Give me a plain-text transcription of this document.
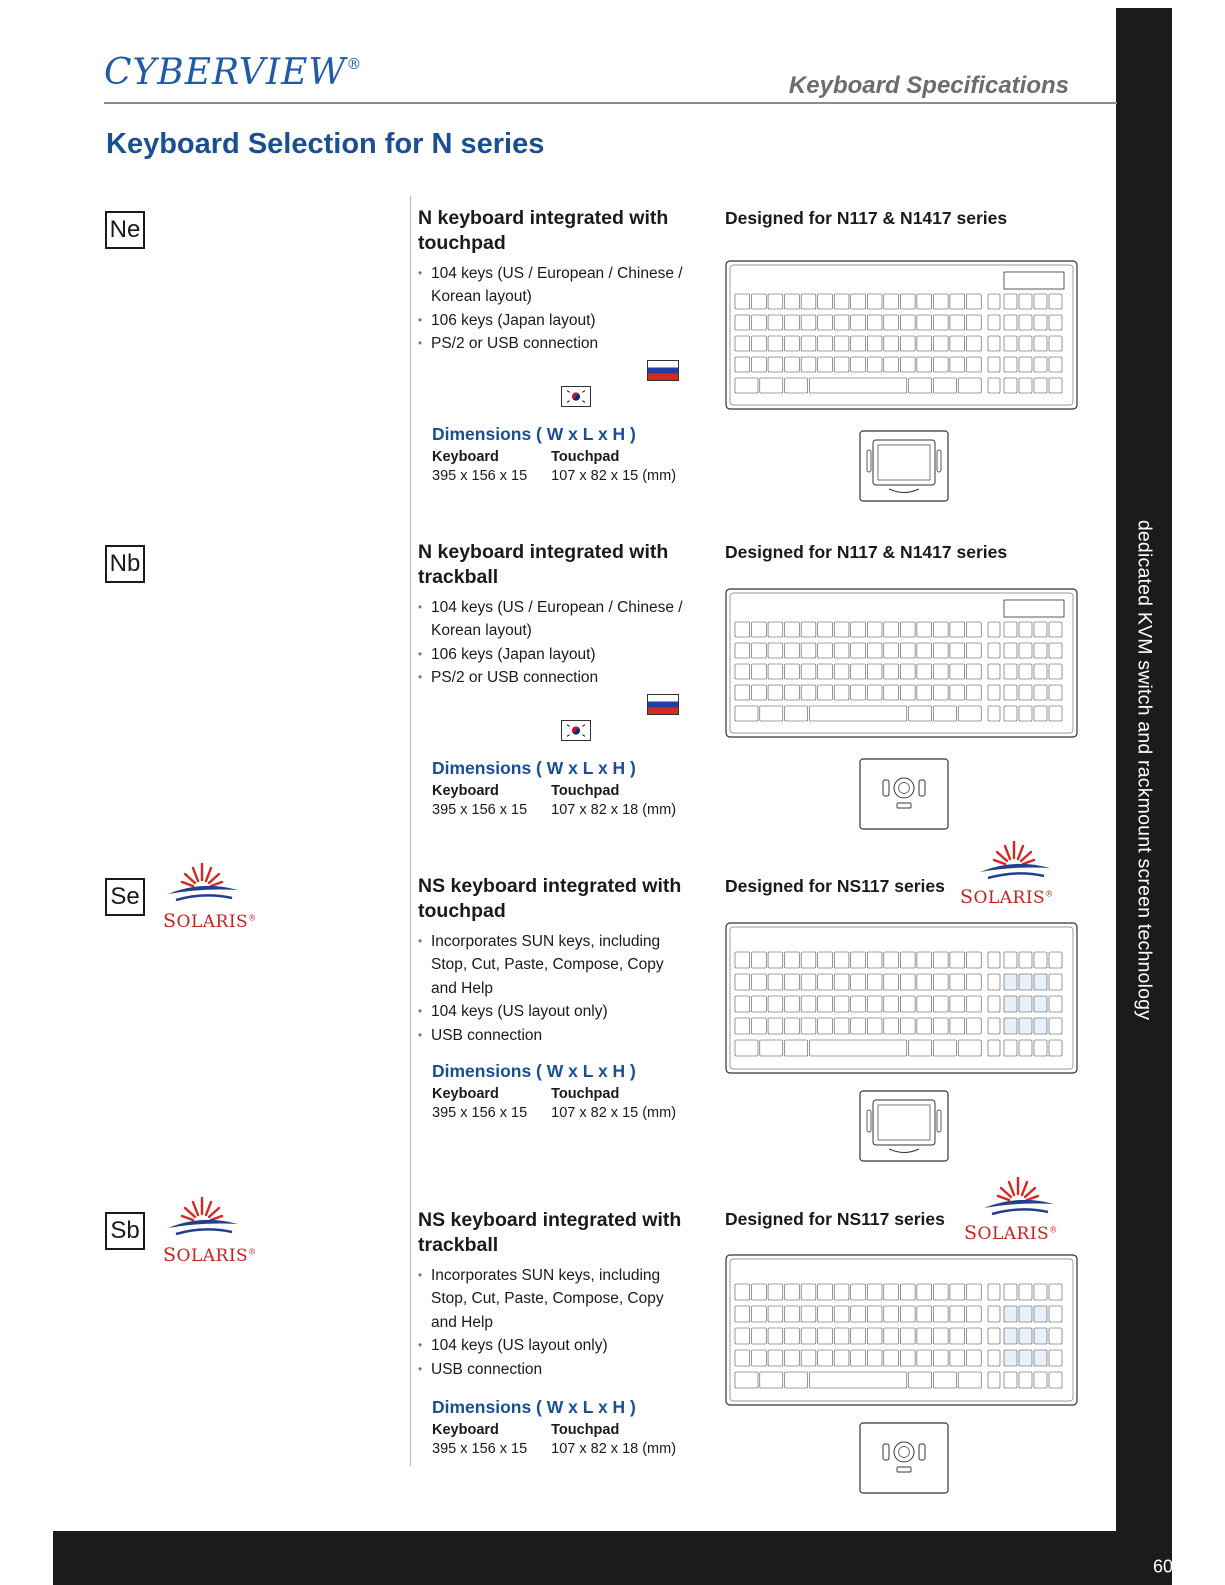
dedicated KVM switch and rackmount screen technology
60
CYBERVIEW®
Keyboard Specifications
Keyboard Selection for N series
Ne	N keyboard integrated with
touchpad

• 104 keys (US / European / Chinese /
Korean layout)
• 106 keys (Japan layout)
• PS/2 or USB connection
Dimensions ( W x L x H )
Keyboard	Touchpad
395 x 156 x 15	107 x 82 x 15 (mm)
Designed for N117 & N1417 series
Nb	N keyboard integrated with
trackball

• 104 keys (US / European / Chinese /
Korean layout)
• 106 keys (Japan layout)
• PS/2 or USB connection
Dimensions ( W x L x H )
Keyboard	Touchpad
395 x 156 x 15	107 x 82 x 18 (mm)
Designed for N117 & N1417 series
Se
SOLARIS®

NS keyboard integrated with
touchpad

• Incorporates SUN keys, including
Stop, Cut, Paste, Compose, Copy
and Help
• 104 keys (US layout only)
• USB connection
Dimensions ( W x L x H )
Keyboard	Touchpad
395 x 156 x 15	107 x 82 x 15 (mm)
Designed for NS117 series SOLARIS®
Sb
SOLARIS®

NS keyboard integrated with
trackball

• Incorporates SUN keys, including
Stop, Cut, Paste, Compose, Copy
and Help
• 104 keys (US layout only)
• USB connection
Dimensions ( W x L x H )
Keyboard	Touchpad
395 x 156 x 15	107 x 82 x 18 (mm)
Designed for NS117 series
SOLARIS®
